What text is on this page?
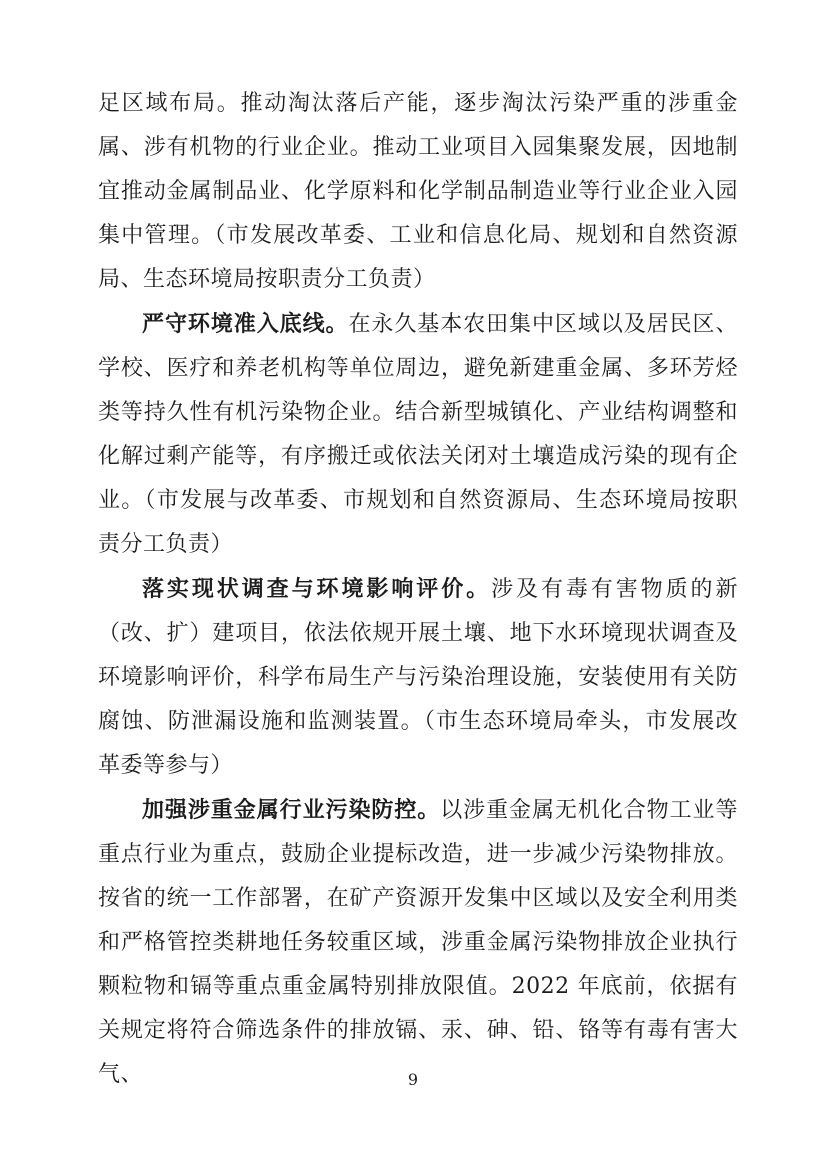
足区域布局。推动淘汰落后产能，逐步淘汰污染严重的涉重金属、涉有机物的行业企业。推动工业项目入园集聚发展，因地制宜推动金属制品业、化学原料和化学制品制造业等行业企业入园集中管理。（市发展改革委、工业和信息化局、规划和自然资源局、生态环境局按职责分工负责）

严守环境准入底线。在永久基本农田集中区域以及居民区、学校、医疗和养老机构等单位周边，避免新建重金属、多环芳烃类等持久性有机污染物企业。结合新型城镇化、产业结构调整和化解过剩产能等，有序搬迁或依法关闭对土壤造成污染的现有企业。（市发展与改革委、市规划和自然资源局、生态环境局按职责分工负责）

落实现状调查与环境影响评价。涉及有毒有害物质的新（改、扩）建项目，依法依规开展土壤、地下水环境现状调查及环境影响评价，科学布局生产与污染治理设施，安装使用有关防腐蚀、防泄漏设施和监测装置。（市生态环境局牵头，市发展改革委等参与）

加强涉重金属行业污染防控。以涉重金属无机化合物工业等重点行业为重点，鼓励企业提标改造，进一步减少污染物排放。按省的统一工作部署，在矿产资源开发集中区域以及安全利用类和严格管控类耕地任务较重区域，涉重金属污染物排放企业执行颗粒物和镉等重点重金属特别排放限值。2022 年底前，依据有关规定将符合筛选条件的排放镉、汞、砷、铅、铬等有毒有害大气、	9
